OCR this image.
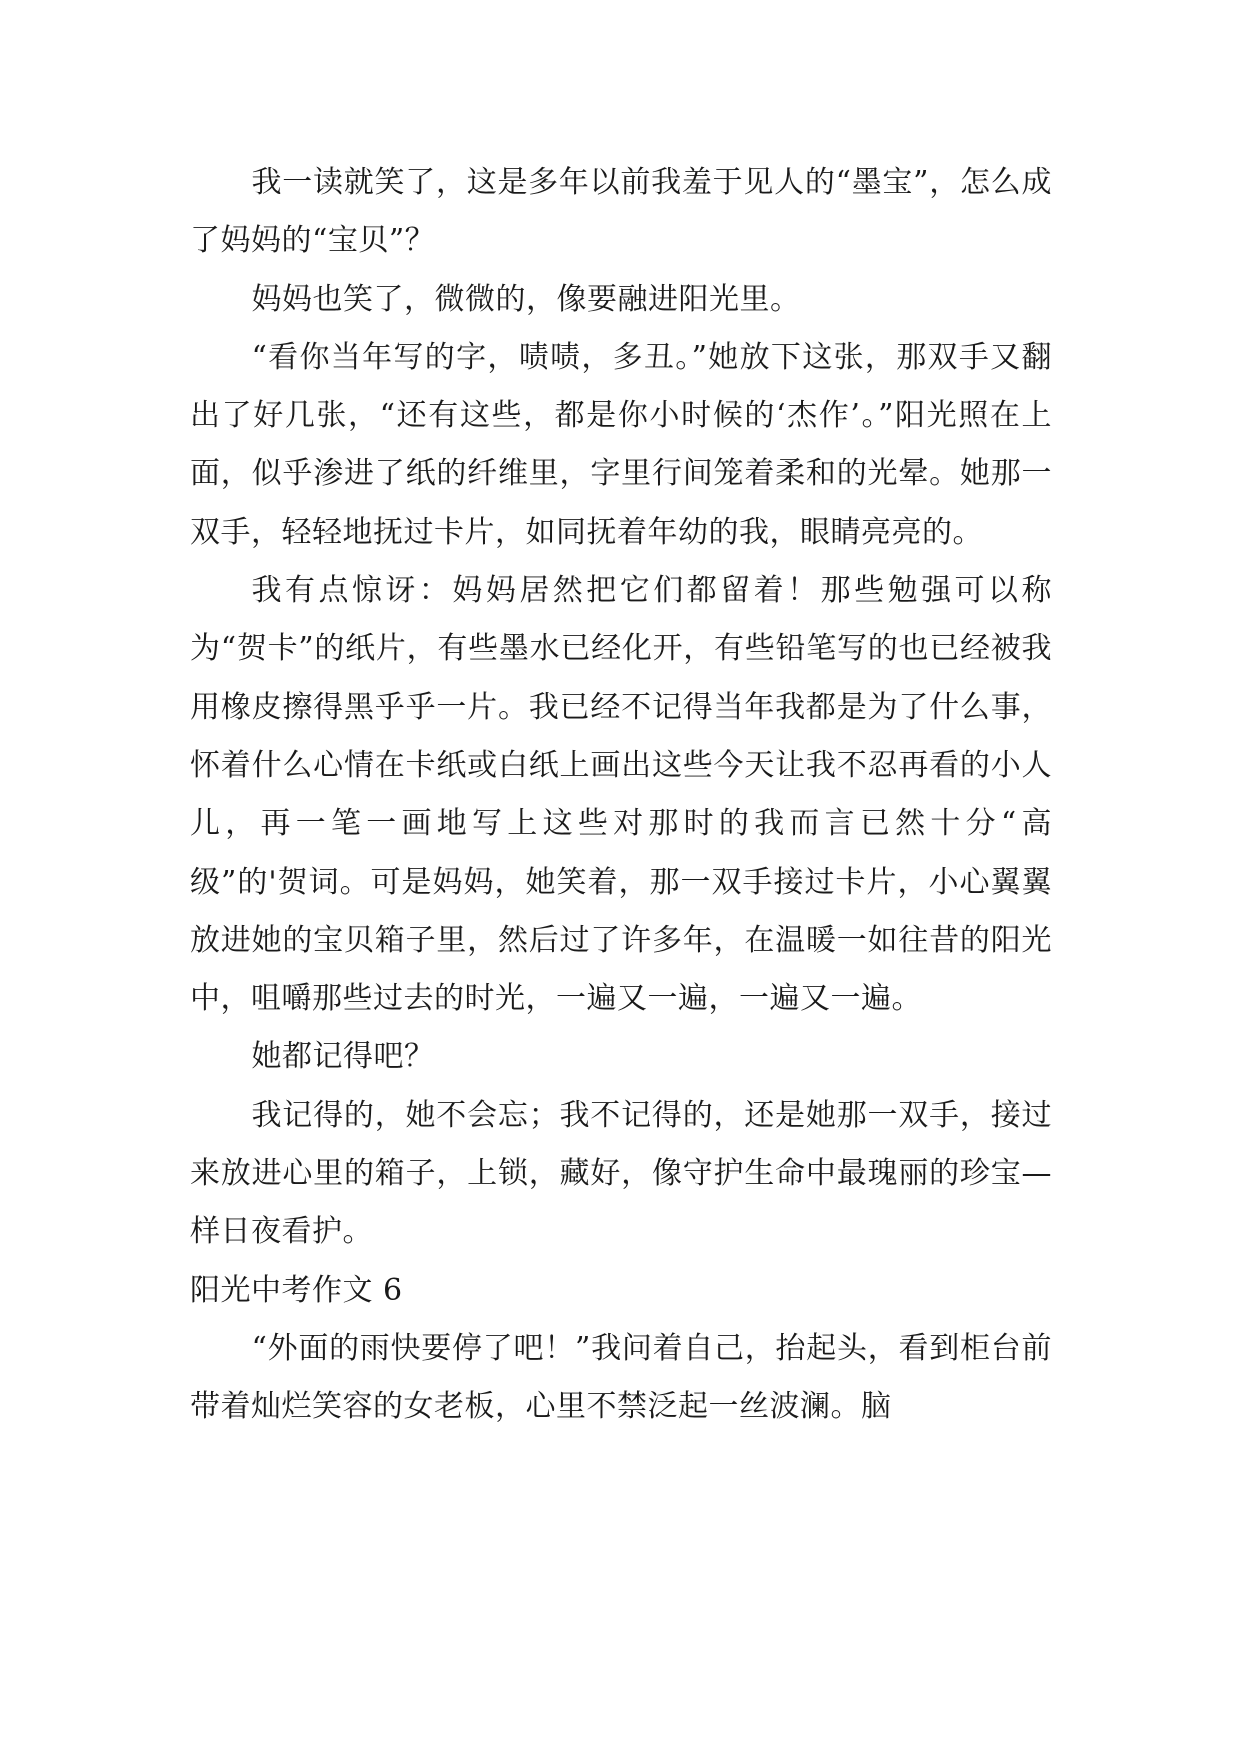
我一读就笑了，这是多年以前我羞于见人的“墨宝”，怎么成了妈妈的“宝贝”？

妈妈也笑了，微微的，像要融进阳光里。

“看你当年写的字，啧啧，多丑。”她放下这张，那双手又翻出了好几张，“还有这些，都是你小时候的‘杰作’。”阳光照在上面，似乎渗进了纸的纤维里，字里行间笼着柔和的光晕。她那一双手，轻轻地抚过卡片，如同抚着年幼的我，眼睛亮亮的。

我有点惊讶：妈妈居然把它们都留着！那些勉强可以称为“贺卡”的纸片，有些墨水已经化开，有些铅笔写的也已经被我用橡皮擦得黑乎乎一片。我已经不记得当年我都是为了什么事，怀着什么心情在卡纸或白纸上画出这些今天让我不忍再看的小人儿，再一笔一画地写上这些对那时的我而言已然十分“高级”的'贺词。可是妈妈，她笑着，那一双手接过卡片，小心翼翼放进她的宝贝箱子里，然后过了许多年，在温暖一如往昔的阳光中，咀嚼那些过去的时光，一遍又一遍，一遍又一遍。

她都记得吧？

我记得的，她不会忘；我不记得的，还是她那一双手，接过来放进心里的箱子，上锁，藏好，像守护生命中最瑰丽的珍宝—样日夜看护。

阳光中考作文 6

“外面的雨快要停了吧！”我问着自己，抬起头，看到柜台前带着灿烂笑容的女老板，心里不禁泛起一丝波澜。脑
